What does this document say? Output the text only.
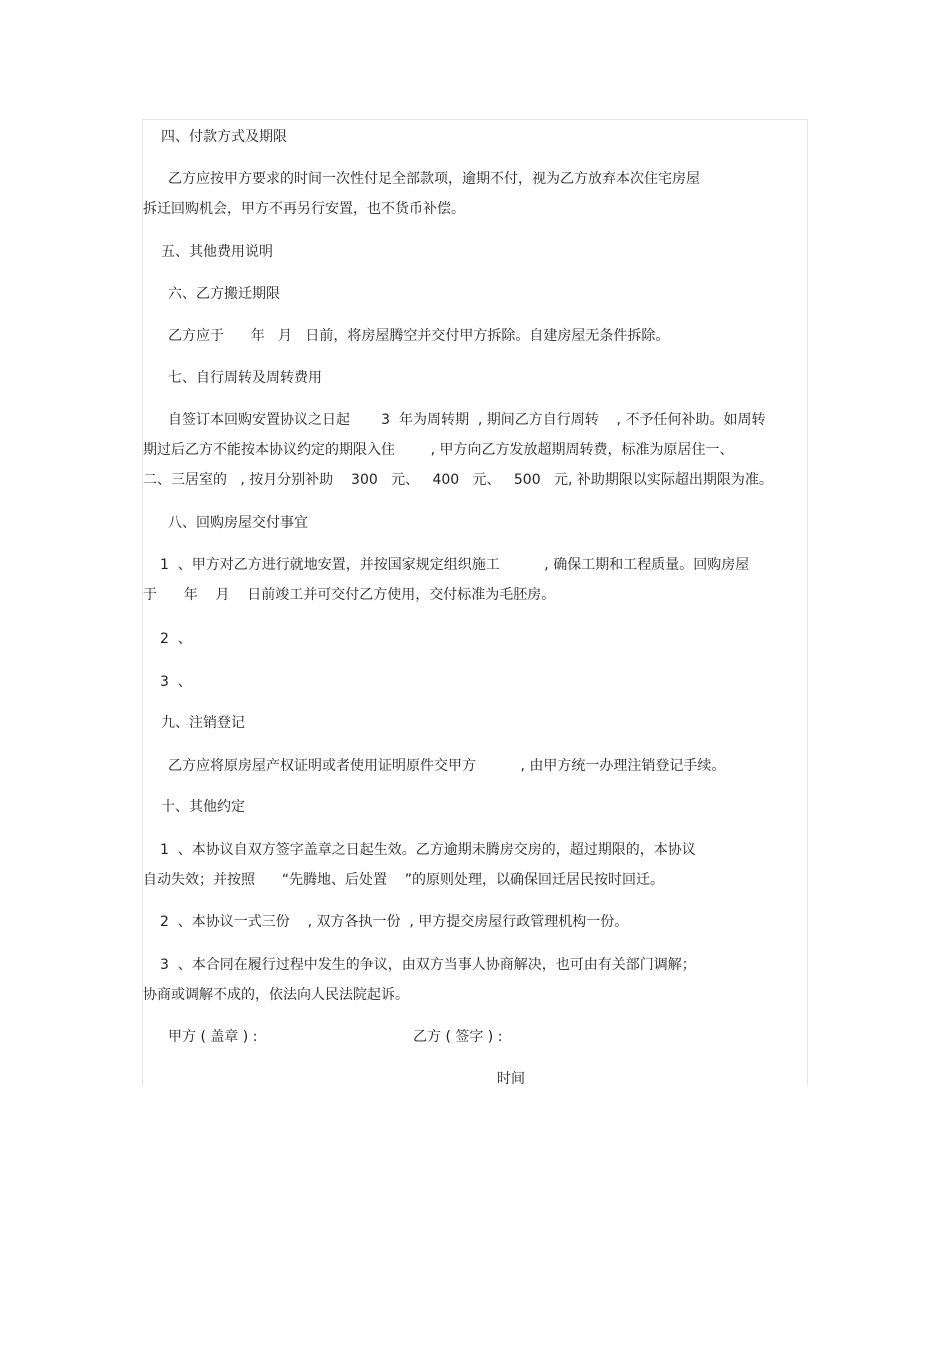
四、付款方式及期限
乙方应按甲方要求的时间一次性付足全部款项，逾期不付，视为乙方放弃本次住宅房屋
拆迁回购机会，甲方不再另行安置，也不货币补偿。
五、其他费用说明
六、乙方搬迁期限
乙方应于      年   月   日前，将房屋腾空并交付甲方拆除。自建房屋无条件拆除。
七、自行周转及周转费用
自签订本回购安置协议之日起       3  年为周转期  , 期间乙方自行周转    , 不予任何补助。如周转
期过后乙方不能按本协议约定的期限入住        , 甲方向乙方发放超期周转费，标准为原居住一、
二、三居室的   , 按月分别补助    300   元、   400   元、   500   元, 补助期限以实际超出期限为准。
八、回购房屋交付事宜
1  、甲方对乙方进行就地安置，并按国家规定组织施工          , 确保工期和工程质量。回购房屋
于      年    月    日前竣工并可交付乙方使用，交付标准为毛胚房。
2  、
3  、
九、注销登记
乙方应将原房屋产权证明或者使用证明原件交甲方          , 由甲方统一办理注销登记手续。
十、其他约定
1  、本协议自双方签字盖章之日起生效。乙方逾期未腾房交房的，超过期限的，本协议
自动失效；并按照      “先腾地、后处置    ”的原则处理，以确保回迁居民按时回迁。
2  、本协议一式三份    , 双方各执一份  , 甲方提交房屋行政管理机构一份。
3  、本合同在履行过程中发生的争议，由双方当事人协商解决，也可由有关部门调解；
协商或调解不成的，依法向人民法院起诉。
甲方 ( 盖章 ) :	乙方 ( 签字 ) :
时间
